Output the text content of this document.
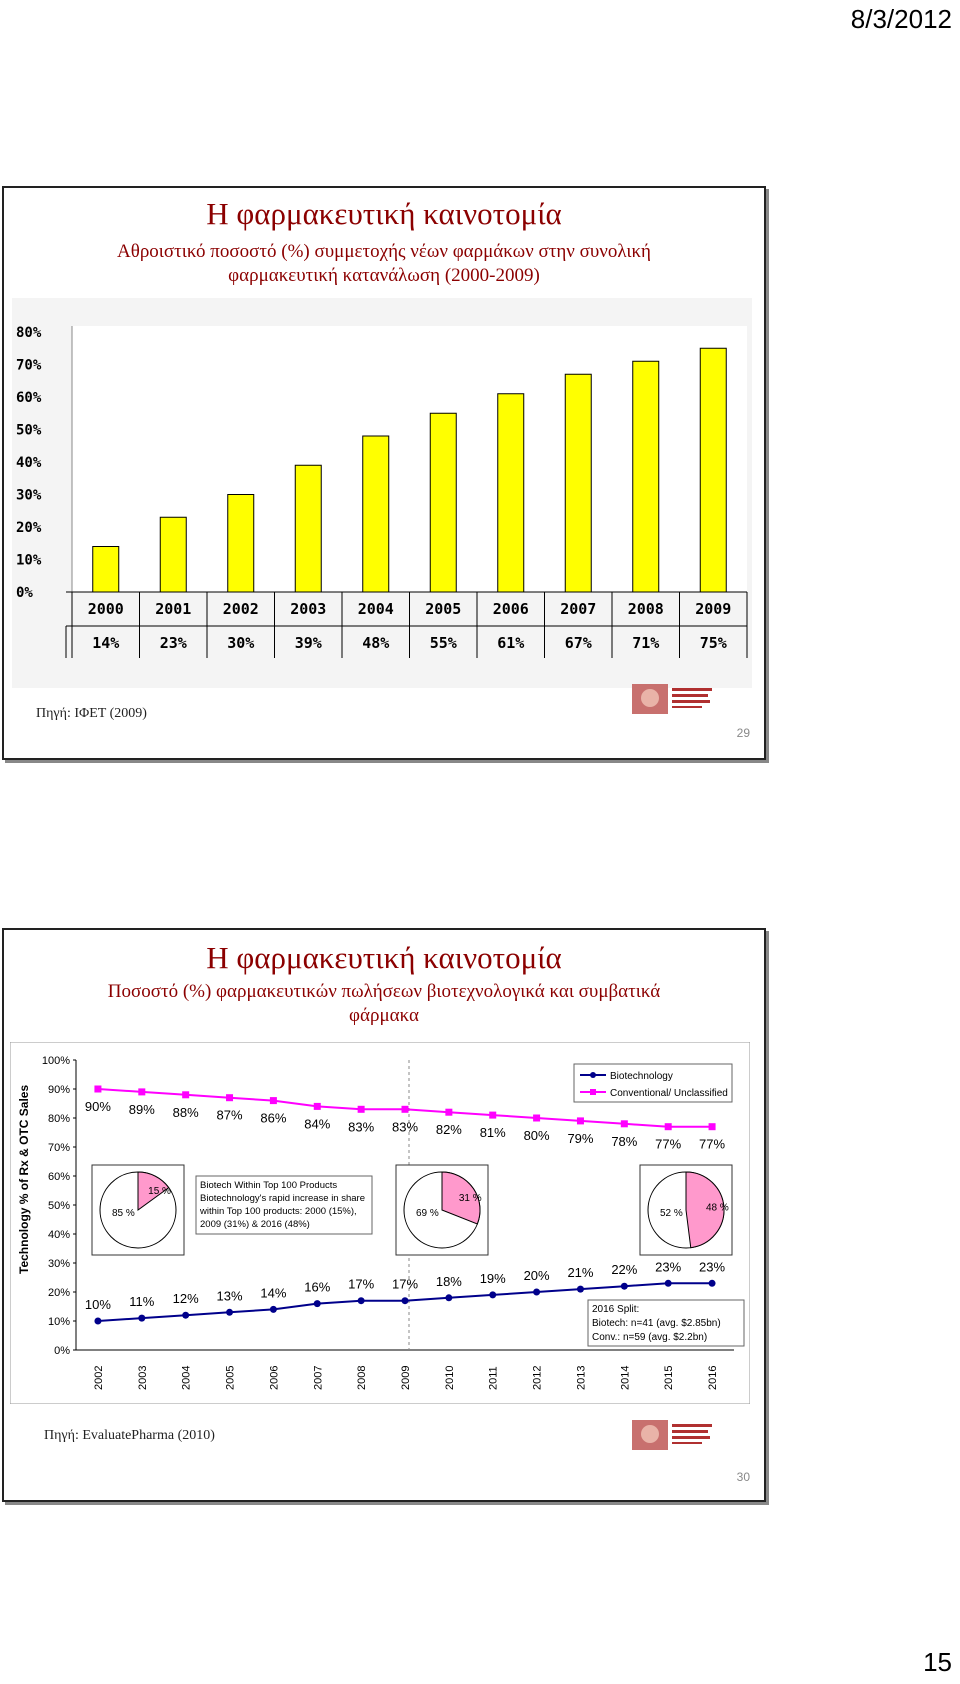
8/3/2012
Η φαρμακευτική καινοτομία
Αθροιστικό ποσοστό (%) συμμετοχής νέων φαρμάκων στην συνολική
φαρμακευτική κατανάλωση (2000-2009)
0%
10%
20%
30%
40%
50%
60%
70%
80%
2000 2001 2002 2003 2004 2005 2006 2007 2008 2009
14%	23%	30%	39%	48%	55%	61%	67%	71%	75%
Πηγή: ΙΦΕΤ (2009)
29
Η φαρμακευτική καινοτομία
Ποσοστό (%) φαρμακευτικών πωλήσεων βιοτεχνολογικά και συμβατικά
φάρμακα
Technology % of Rx & OTC Sales
0%
10%
20%
30%
40%
50%
60%
70%
80%
90%
100%
2002	2003	2004	2005	2006	2007	2008	2009	2010	2011	2012	2013	2014	2015	2016
10% 11% 12% 13% 14% 16% 17% 17% 18% 19% 20% 21% 22% 23% 23%
90% 89% 88% 87% 86% 84% 83% 83% 82% 81% 80% 79% 78% 77% 77%
15 %
85 %
31 %
69 %	48 %
52 %
Biotech Within Top 100 Products
Biotechnology's rapid increase in share
within Top 100 products: 2000 (15%),
2009 (31%) & 2016 (48%)
2016 Split:
Biotech: n=41 (avg. $2.85bn)
Conv.: n=59 (avg. $2.2bn)
Biotechnology
Conventional/ Unclassified
Πηγή: EvaluatePharma (2010)
30
15
